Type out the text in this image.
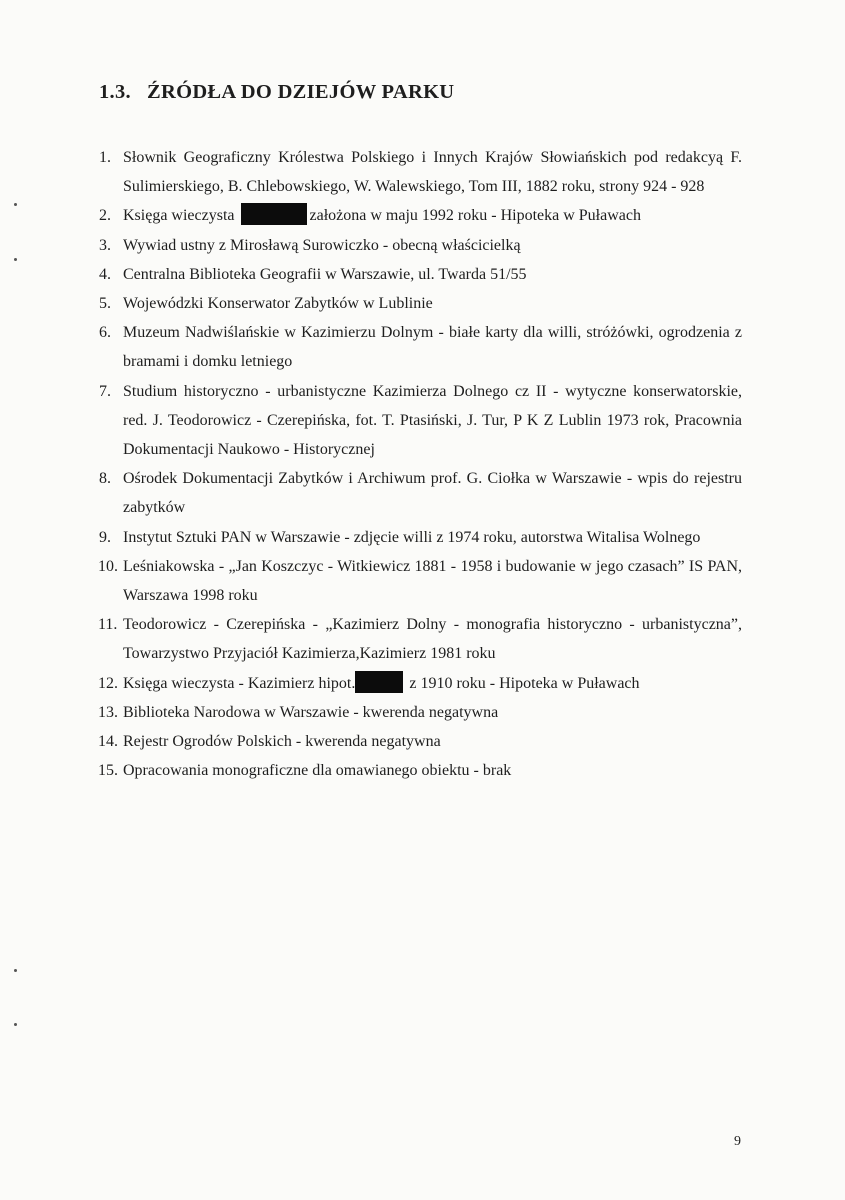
1.3. ŹRÓDŁA DO DZIEJÓW PARKU
1. Słownik Geograficzny Królestwa Polskiego i Innych Krajów Słowiańskich pod redakcyą F. Sulimierskiego, B. Chlebowskiego, W. Walewskiego, Tom III, 1882 roku, strony 924 - 928
2. Księga wieczysta	założona w maju 1992 roku - Hipoteka w Puławach
3. Wywiad ustny z Mirosławą Surowiczko - obecną właścicielką
4. Centralna Biblioteka Geografii w Warszawie, ul. Twarda 51/55
5. Wojewódzki Konserwator Zabytków w Lublinie
6. Muzeum Nadwiślańskie w Kazimierzu Dolnym - białe karty dla willi, stróżówki, ogrodzenia z bramami i domku letniego
7. Studium historyczno - urbanistyczne Kazimierza Dolnego cz II - wytyczne konserwatorskie, red. J. Teodorowicz - Czerepińska, fot. T. Ptasiński, J. Tur, P K Z Lublin 1973 rok, Pracownia Dokumentacji Naukowo - Historycznej
8. Ośrodek Dokumentacji Zabytków i Archiwum prof. G. Ciołka w Warszawie - wpis do rejestru zabytków
9. Instytut Sztuki PAN w Warszawie - zdjęcie willi z 1974 roku, autorstwa Witalisa Wolnego
10. Leśniakowska - „Jan Koszczyc - Witkiewicz 1881 - 1958 i budowanie w jego czasach” IS PAN, Warszawa 1998 roku
11. Teodorowicz - Czerepińska - „Kazimierz Dolny - monografia historyczno - urbanistyczna”, Towarzystwo Przyjaciół Kazimierza,Kazimierz 1981 roku
12. Księga wieczysta - Kazimierz hipot.	z 1910 roku - Hipoteka w Puławach
13. Biblioteka Narodowa w Warszawie - kwerenda negatywna
14. Rejestr Ogrodów Polskich - kwerenda negatywna
15. Opracowania monograficzne dla omawianego obiektu - brak
9
